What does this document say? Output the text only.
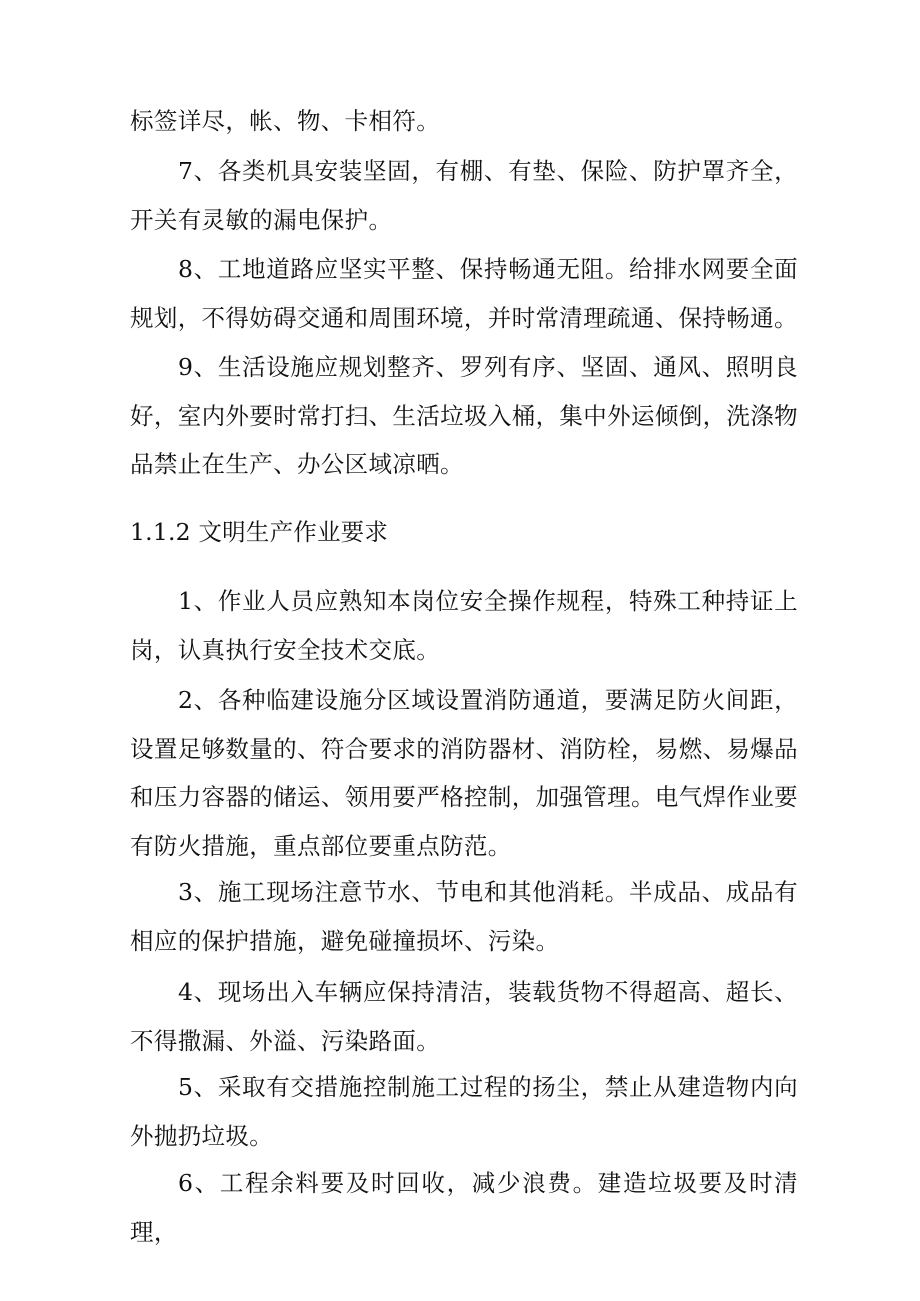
标签详尽，帐、物、卡相符。

7、各类机具安装坚固，有棚、有垫、保险、防护罩齐全，开关有灵敏的漏电保护。

8、工地道路应坚实平整、保持畅通无阻。给排水网要全面规划，不得妨碍交通和周围环境，并时常清理疏通、保持畅通。

9、生活设施应规划整齐、罗列有序、坚固、通风、照明良好，室内外要时常打扫、生活垃圾入桶，集中外运倾倒，洗涤物品禁止在生产、办公区域凉晒。

1.1.2 文明生产作业要求

1、作业人员应熟知本岗位安全操作规程，特殊工种持证上岗，认真执行安全技术交底。

2、各种临建设施分区域设置消防通道，要满足防火间距，设置足够数量的、符合要求的消防器材、消防栓，易燃、易爆品和压力容器的储运、领用要严格控制，加强管理。电气焊作业要有防火措施，重点部位要重点防范。

3、施工现场注意节水、节电和其他消耗。半成品、成品有相应的保护措施，避免碰撞损坏、污染。

4、现场出入车辆应保持清洁，装载货物不得超高、超长、不得撒漏、外溢、污染路面。

5、采取有交措施控制施工过程的扬尘，禁止从建造物内向外抛扔垃圾。

6、工程余料要及时回收，减少浪费。建造垃圾要及时清理，
